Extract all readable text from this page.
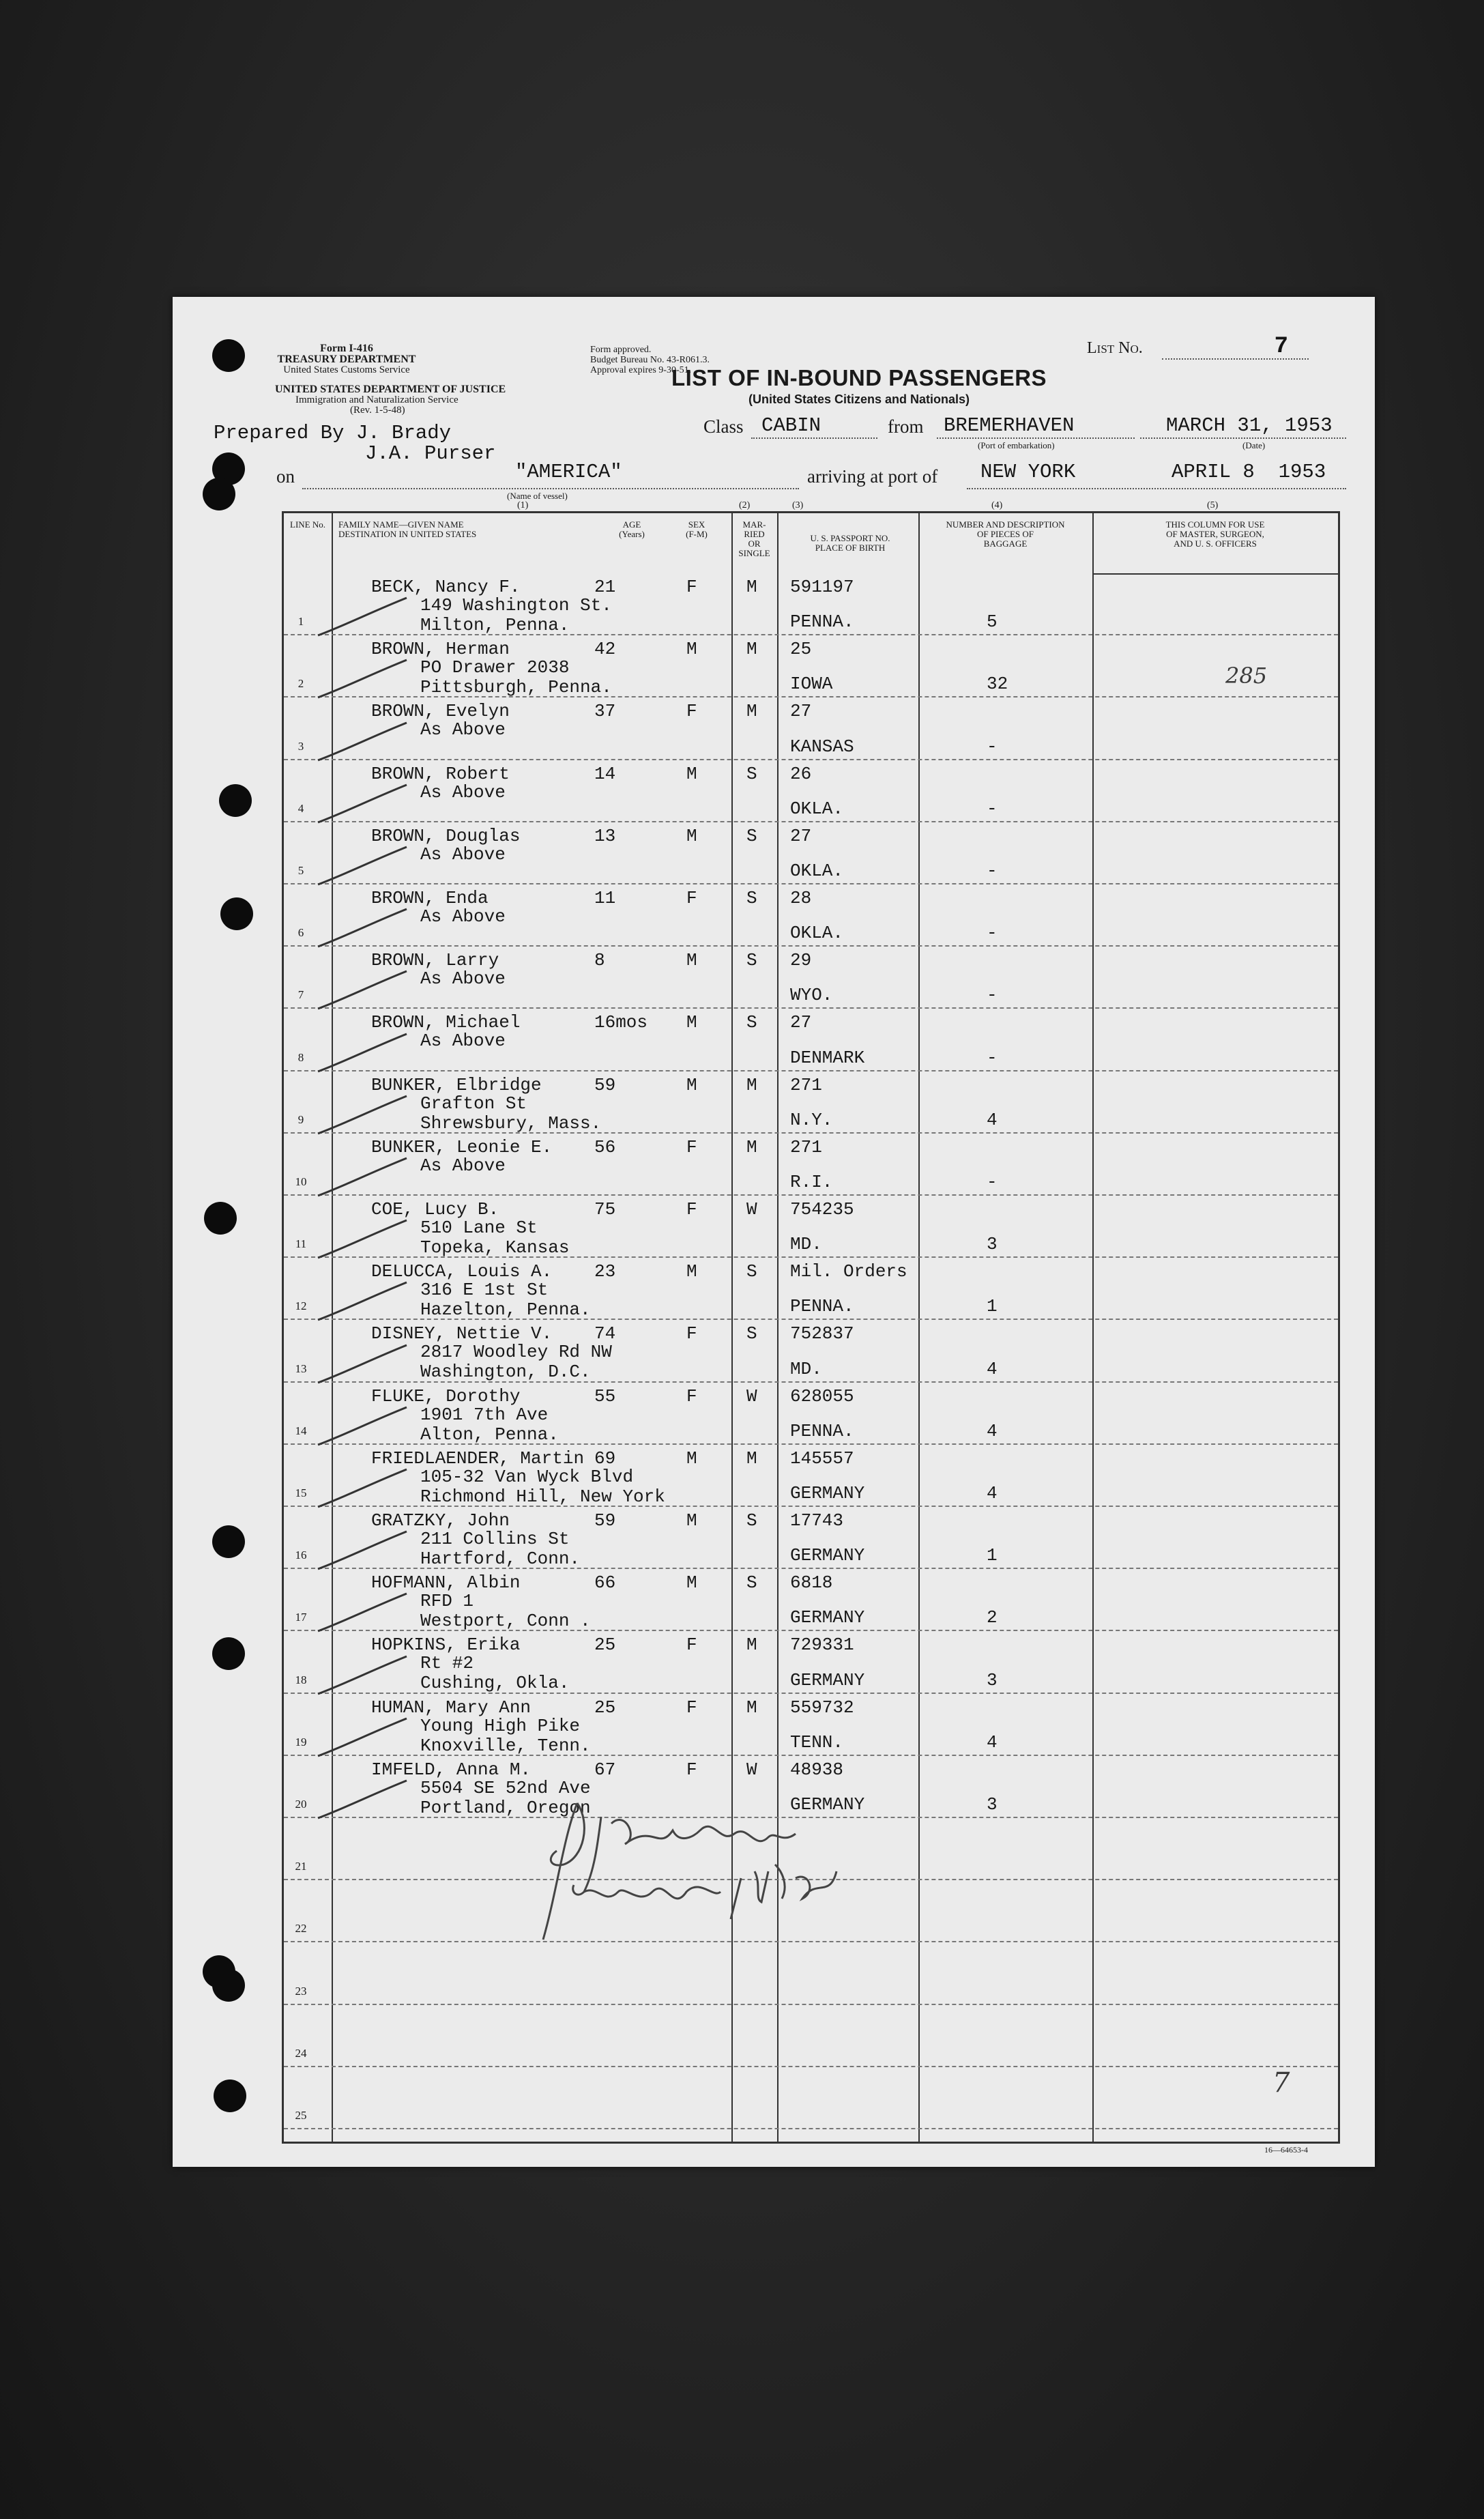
Form I-416
TREASURY DEPARTMENT
United States Customs Service
UNITED STATES DEPARTMENT OF JUSTICE
Immigration and Naturalization Service
(Rev. 1-5-48)
Form approved.
Budget Bureau No. 43-R061.3.
Approval expires 9-30-51.
List No.	7
LIST OF IN-BOUND PASSENGERS
(United States Citizens and Nationals)
Prepared By J. Brady
J.A. Purser
Class CABIN	from BREMERHAVEN
(Port of embarkation)
MARCH 31, 1953
(Date)
on	"AMERICA"
(Name of vessel)
arriving at port of NEW YORK	APRIL 8  1953
(1)	(2)	(3)	(4)	(5)
LINE No.	FAMILY NAME—GIVEN NAME
DESTINATION IN UNITED STATES
AGE
(Years)
SEX
(F-M)
MAR-
RIED
OR
SINGLE
U. S. PASSPORT NO.
PLACE OF BIRTH
NUMBER AND DESCRIPTION
OF PIECES OF
BAGGAGE
THIS COLUMN FOR USE
OF MASTER, SURGEON,
AND U. S. OFFICERS
1
BECK, Nancy F.
149 Washington St.
Milton, Penna.
21	F	M 591197
PENNA.	5
2
BROWN, Herman
PO Drawer 2038
Pittsburgh, Penna.
42	M	M 25
IOWA	32	285
3
BROWN, Evelyn
As Above
37	F	M 27
KANSAS	-
4
BROWN, Robert
As Above
14	M	S 26
OKLA.	-
5
BROWN, Douglas
As Above
13	M	S 27
OKLA.	-
6
BROWN, Enda
As Above
11	F	S 28
OKLA.	-
7
BROWN, Larry
As Above
8	M	S 29
WYO.	-
8
BROWN, Michael
As Above
16mos M	S 27
DENMARK	-
9
BUNKER, Elbridge
Grafton St
Shrewsbury, Mass.
59	M	M 271
N.Y.	4
10
BUNKER, Leonie E.
As Above
56	F	M 271
R.I.	-
11
COE, Lucy B.
510 Lane St
Topeka, Kansas
75	F	W 754235
MD.	3
12
DELUCCA, Louis A.
316 E 1st St
Hazelton, Penna.
23	M	S Mil. Orders
PENNA.	1
13
DISNEY, Nettie V.
2817 Woodley Rd NW
Washington, D.C.
74	F	S 752837
MD.	4
14
FLUKE, Dorothy
1901 7th Ave
Alton, Penna.
55	F	W 628055
PENNA.	4
15
FRIEDLAENDER, Martin
105-32 Van Wyck Blvd
Richmond Hill, New York
69	M	M 145557
GERMANY	4
16
GRATZKY, John
211 Collins St
Hartford, Conn.
59	M	S 17743
GERMANY	1
17
HOFMANN, Albin
RFD 1
Westport, Conn .
66	M	S 6818
GERMANY	2
18
HOPKINS, Erika
Rt #2
Cushing, Okla.
25	F	M 729331
GERMANY	3
19
HUMAN, Mary Ann
Young High Pike
Knoxville, Tenn.
25	F	M 559732
TENN.	4
20
IMFELD, Anna M.
5504 SE 52nd Ave
Portland, Oregon
67	F	W 48938
GERMANY	3
21
22
23
24
25
7
16—64653-4
